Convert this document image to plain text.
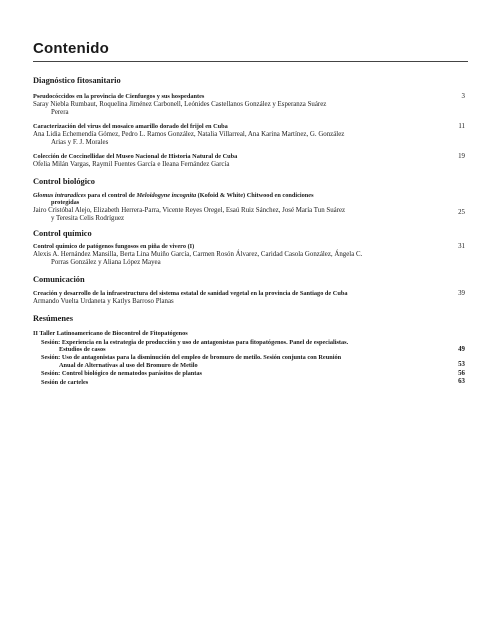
Contenido
Diagnóstico fitosanitario
3
Pseudocóccidos en la provincia de Cienfuegos y sus hospedantes
Saray Niebla Rumbaut, Roquelina Jiménez Carbonell, Leónides Castellanos González y Esperanza Suárez
Perera
11
Caracterización del virus del mosaico amarillo dorado del frijol en Cuba
Ana Lidia Echemendía Gómez, Pedro L. Ramos González, Natalia Villarreal, Ana Karina Martínez, G. González
Arias y F. J. Morales
19
Colección de Coccinellidae del Museo Nacional de Historia Natural de Cuba
Ofelia Milán Vargas, Raymil Fuentes García e Ileana Fernández García
Control biológico
25
Glomus intraradices para el control de Meloidogyne incognita (Kofoid & White) Chitwood en condiciones
protegidas
Jairo Cristóbal Alejo, Elizabeth Herrera-Parra, Vicente Reyes Oregel, Esaú Ruiz Sánchez, José María Tun Suárez
y Teresita Celis Rodríguez
Control químico
31
Control químico de patógenos fungosos en piña de vivero (I)
Alexis A. Hernández Mansilla, Berta Lina Muiño García, Carmen Rosón Álvarez, Caridad Casola González, Ángela C.
Porras González y Aliana López Mayea
Comunicación
39
Creación y desarrollo de la infraestructura del sistema estatal de sanidad vegetal en la provincia de Santiago de Cuba
Armando Vuelta Urdaneta y Katlys Barroso Planas
Resúmenes
II Taller Latinoamericano de Biocontrol de Fitopatógenos
49
Sesión: Experiencia en la estrategia de producción y uso de antagonistas para fitopatógenos. Panel de especialistas.
Estudios de casos
53
Sesión: Uso de antagonistas para la disminución del empleo de bromuro de metilo. Sesión conjunta con Reunión
Anual de Alternativas al uso del Bromuro de Metilo
56
Sesión: Control biológico de nematodos parásitos de plantas
63
Sesión de carteles
